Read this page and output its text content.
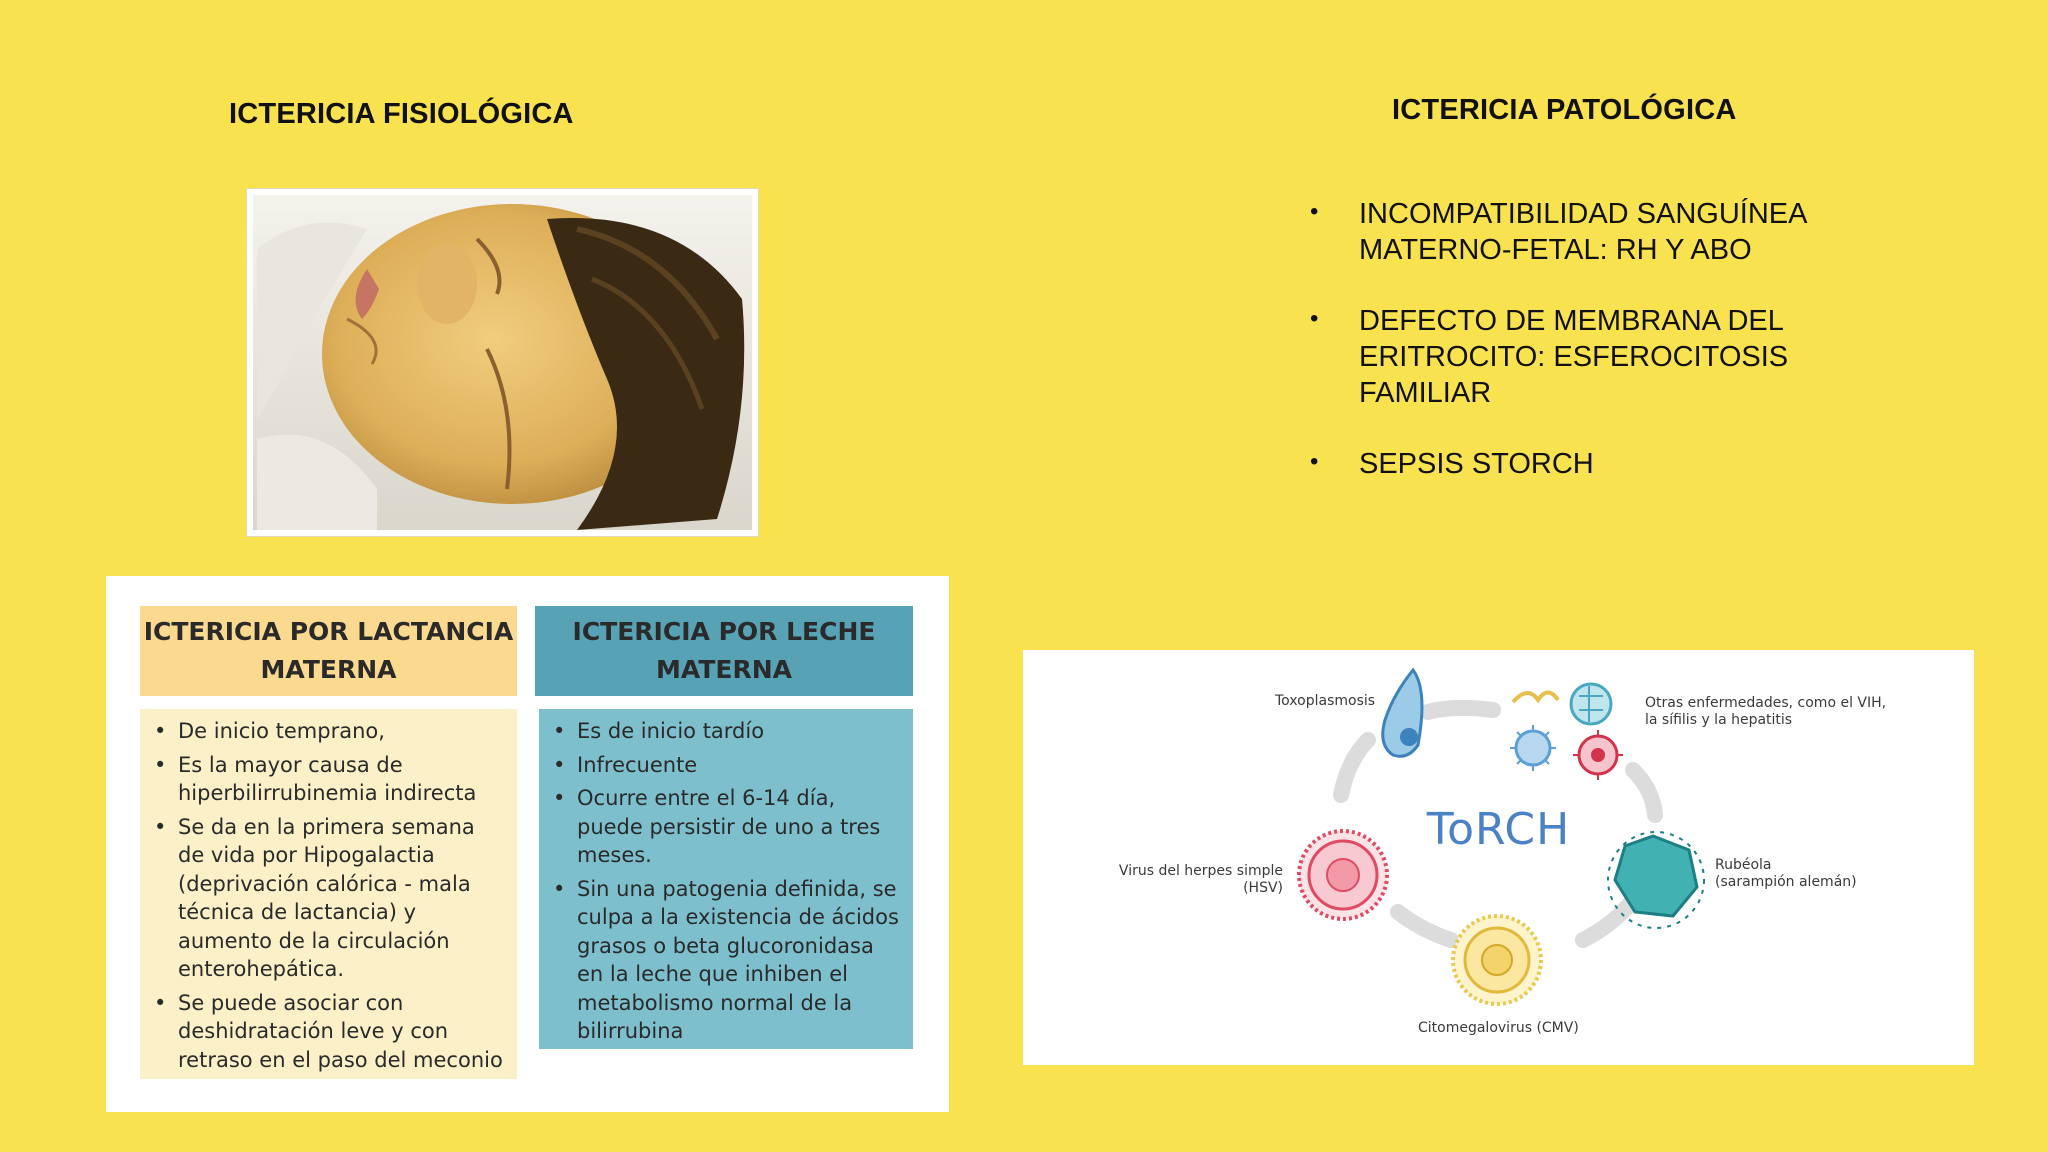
ICTERICIA FISIOLÓGICA	ICTERICIA PATOLÓGICA
• INCOMPATIBILIDAD SANGUÍNEA MATERNO-FETAL: RH Y ABO
• DEFECTO DE MEMBRANA DEL ERITROCITO: ESFEROCITOSIS FAMILIAR
• SEPSIS STORCH
ICTERICIA POR LACTANCIA MATERNA
ICTERICIA POR LECHE MATERNA
• De inicio temprano,
• Es la mayor causa de hiperbilirrubinemia indirecta
• Se da en la primera semana de vida por Hipogalactia (deprivación calórica - mala técnica de lactancia) y aumento de la circulación enterohepática.
• Se puede asociar con deshidratación leve y con retraso en el paso del meconio
• Es de inicio tardío
• Infrecuente
• Ocurre entre el 6-14 día, puede persistir de uno a tres meses.
• Sin una patogenia definida, se culpa a la existencia de ácidos grasos o beta glucoronidasa en la leche que inhiben el metabolismo normal de la bilirrubina
ToRCH
Toxoplasmosis	Otras enfermedades, como el VIH,
la sífilis y la hepatitis
Virus del herpes simple
(HSV)
Rubéola
(sarampión alemán)
Citomegalovirus (CMV)
